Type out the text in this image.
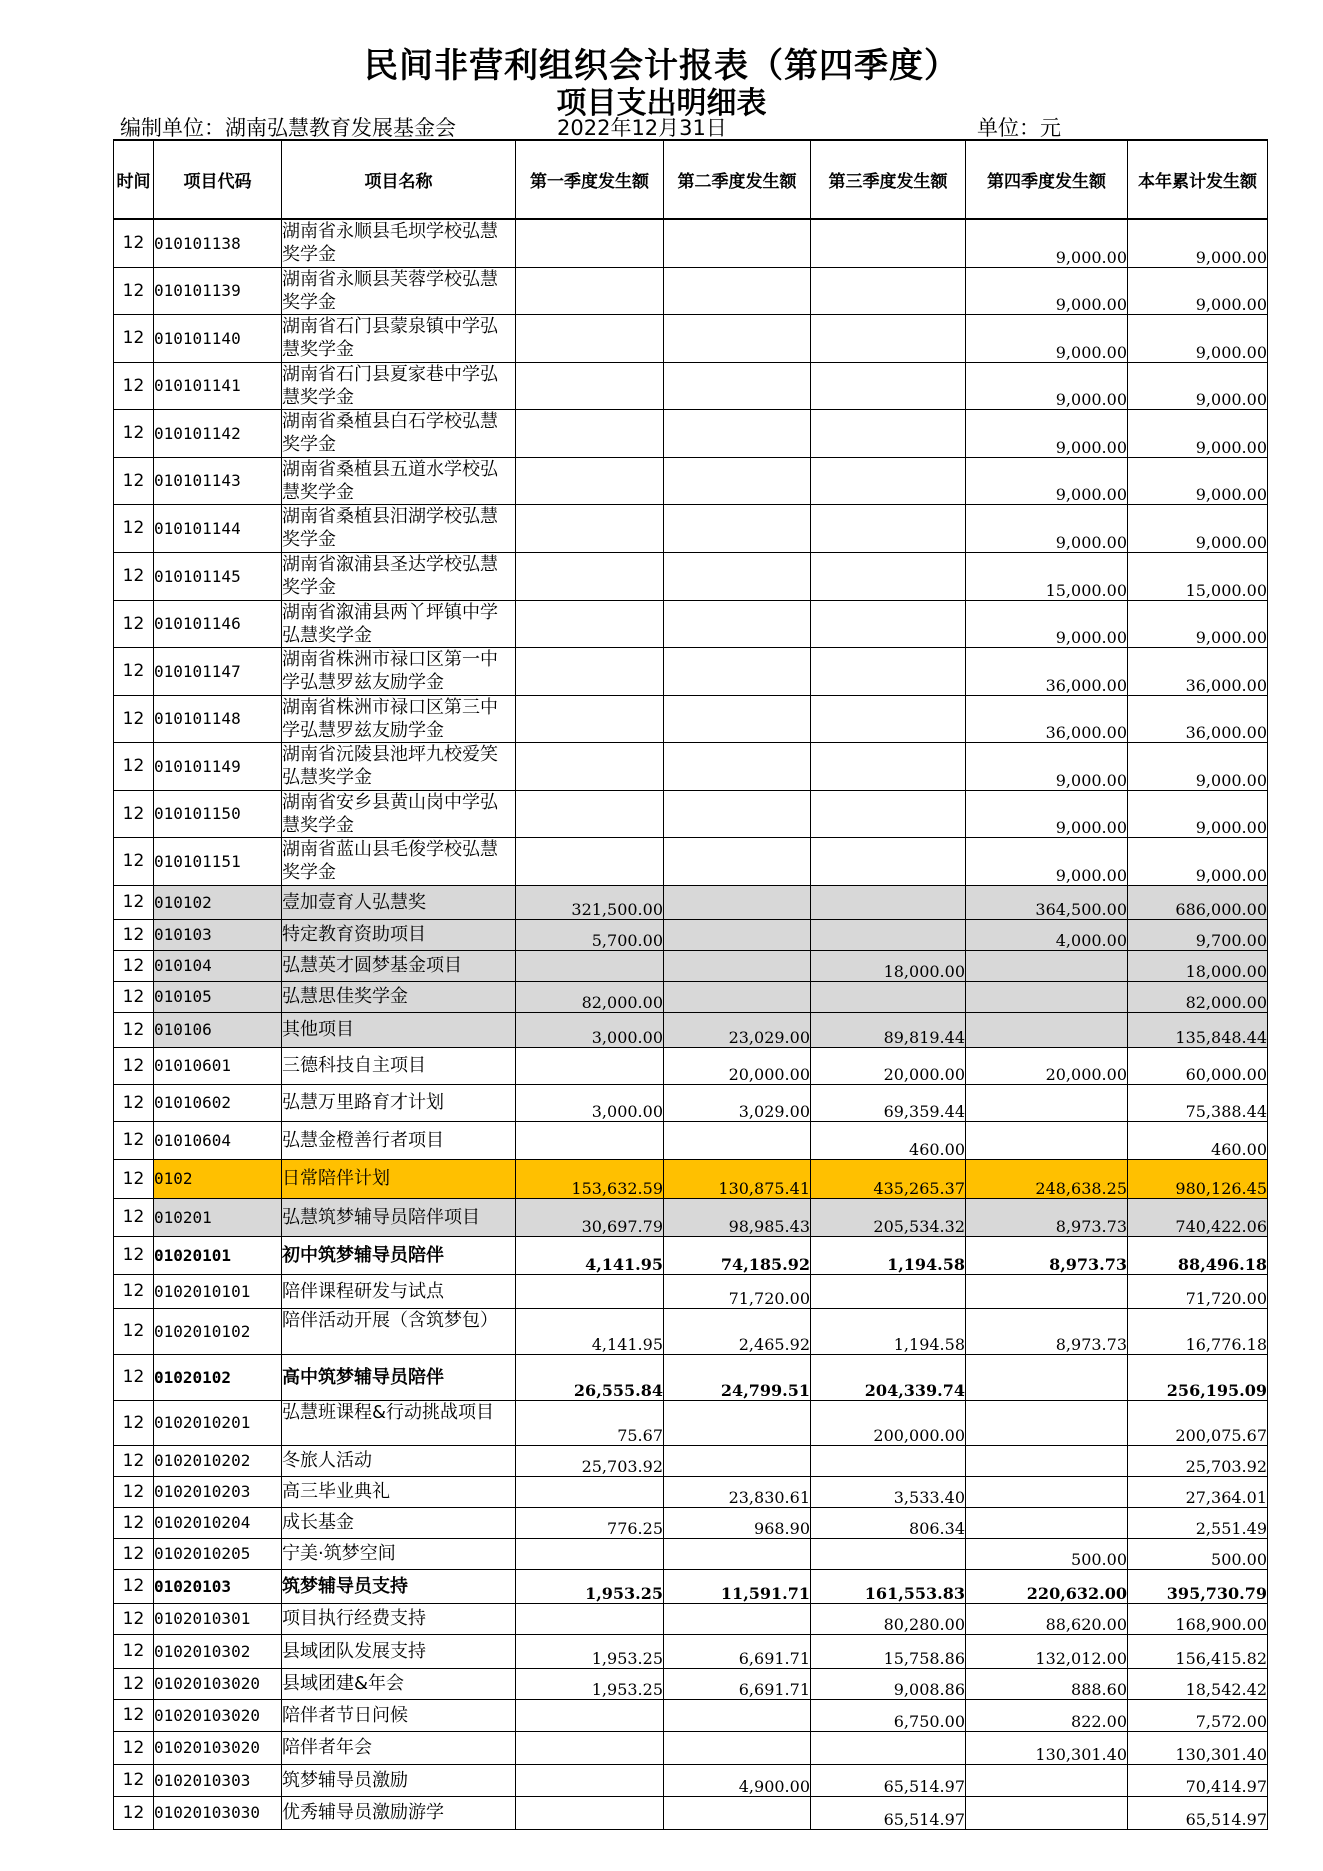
民间非营利组织会计报表（第四季度）
项目支出明细表
编制单位：湖南弘慧教育发展基金会	2022年12月31日	单位：元
时间	项目代码	项目名称	第一季度发生额	第二季度发生额	第三季度发生额	第四季度发生额	本年累计发生额
12	010101138	湖南省永顺县毛坝学校弘慧奖学金				9,000.00	9,000.00
12	010101139	湖南省永顺县芙蓉学校弘慧奖学金				9,000.00	9,000.00
12	010101140	湖南省石门县蒙泉镇中学弘慧奖学金				9,000.00	9,000.00
12	010101141	湖南省石门县夏家巷中学弘慧奖学金				9,000.00	9,000.00
12	010101142	湖南省桑植县白石学校弘慧奖学金				9,000.00	9,000.00
12	010101143	湖南省桑植县五道水学校弘慧奖学金				9,000.00	9,000.00
12	010101144	湖南省桑植县汨湖学校弘慧奖学金				9,000.00	9,000.00
12	010101145	湖南省溆浦县圣达学校弘慧奖学金				15,000.00	15,000.00
12	010101146	湖南省溆浦县两丫坪镇中学弘慧奖学金				9,000.00	9,000.00
12	010101147	湖南省株洲市禄口区第一中学弘慧罗兹友励学金				36,000.00	36,000.00
12	010101148	湖南省株洲市禄口区第三中学弘慧罗兹友励学金				36,000.00	36,000.00
12	010101149	湖南省沅陵县池坪九校爱笑弘慧奖学金				9,000.00	9,000.00
12	010101150	湖南省安乡县黄山岗中学弘慧奖学金				9,000.00	9,000.00
12	010101151	湖南省蓝山县毛俊学校弘慧奖学金				9,000.00	9,000.00
12	010102	壹加壹育人弘慧奖	321,500.00			364,500.00	686,000.00
12	010103	特定教育资助项目	5,700.00			4,000.00	9,700.00
12	010104	弘慧英才圆梦基金项目			18,000.00		18,000.00
12	010105	弘慧思佳奖学金	82,000.00				82,000.00
12	010106	其他项目	3,000.00	23,029.00	89,819.44		135,848.44
12	01010601	三德科技自主项目		20,000.00	20,000.00	20,000.00	60,000.00
12	01010602	弘慧万里路育才计划	3,000.00	3,029.00	69,359.44		75,388.44
12	01010604	弘慧金橙善行者项目			460.00		460.00
12	0102	日常陪伴计划	153,632.59	130,875.41	435,265.37	248,638.25	980,126.45
12	010201	弘慧筑梦辅导员陪伴项目	30,697.79	98,985.43	205,534.32	8,973.73	740,422.06
12	01020101	初中筑梦辅导员陪伴	4,141.95	74,185.92	1,194.58	8,973.73	88,496.18
12	0102010101	陪伴课程研发与试点		71,720.00			71,720.00
12	0102010102	陪伴活动开展（含筑梦包）	4,141.95	2,465.92	1,194.58	8,973.73	16,776.18
12	01020102	高中筑梦辅导员陪伴	26,555.84	24,799.51	204,339.74		256,195.09
12	0102010201	弘慧班课程&行动挑战项目	75.67		200,000.00		200,075.67
12	0102010202	冬旅人活动	25,703.92				25,703.92
12	0102010203	高三毕业典礼		23,830.61	3,533.40		27,364.01
12	0102010204	成长基金	776.25	968.90	806.34		2,551.49
12	0102010205	宁美·筑梦空间				500.00	500.00
12	01020103	筑梦辅导员支持	1,953.25	11,591.71	161,553.83	220,632.00	395,730.79
12	0102010301	项目执行经费支持			80,280.00	88,620.00	168,900.00
12	0102010302	县域团队发展支持	1,953.25	6,691.71	15,758.86	132,012.00	156,415.82
12	01020103020	县域团建&年会	1,953.25	6,691.71	9,008.86	888.60	18,542.42
12	01020103020	陪伴者节日问候			6,750.00	822.00	7,572.00
12	01020103020	陪伴者年会				130,301.40	130,301.40
12	0102010303	筑梦辅导员激励		4,900.00	65,514.97		70,414.97
12	01020103030	优秀辅导员激励游学			65,514.97		65,514.97
